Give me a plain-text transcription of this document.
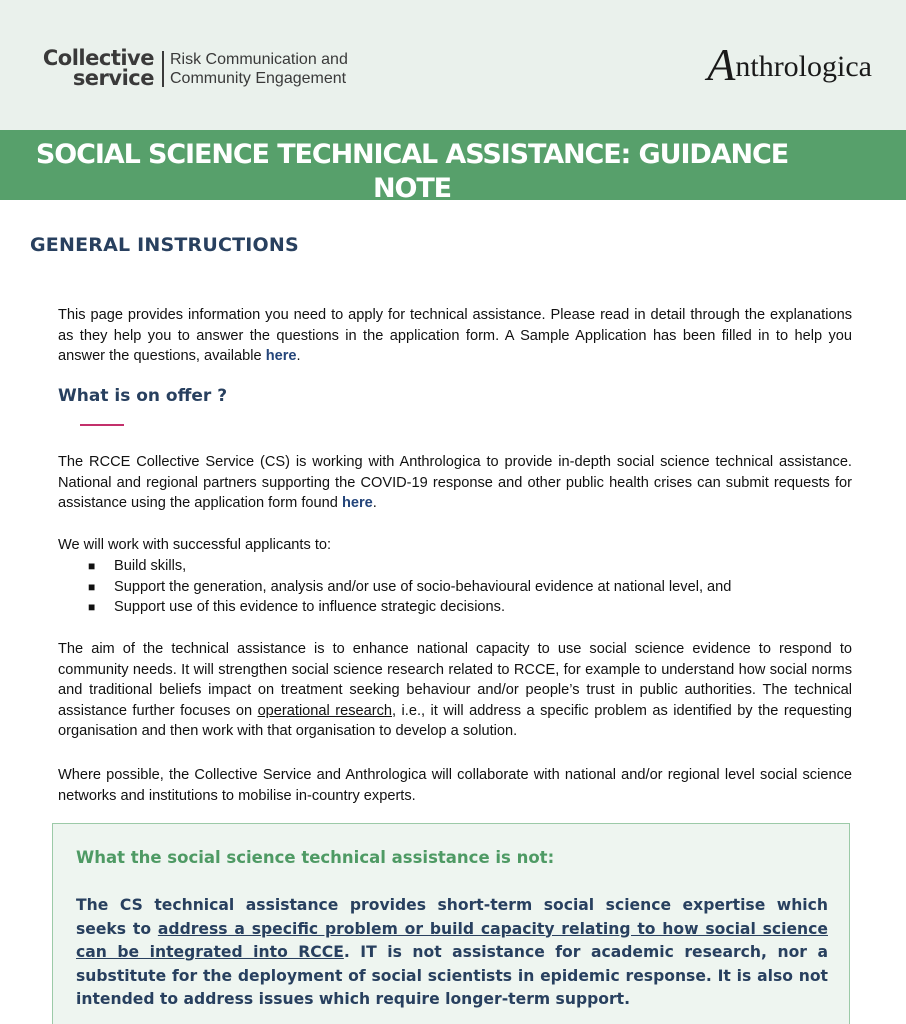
Collective
service
Risk Communication and
Community Engagement	Anthrologica
SOCIAL SCIENCE TECHNICAL ASSISTANCE: GUIDANCE NOTE
GENERAL INSTRUCTIONS
This page provides information you need to apply for technical assistance. Please read in detail through the explanations as they help you to answer the questions in the application form. A Sample Application has been filled in to help you answer the questions, available here.
What is on offer ?
The RCCE Collective Service (CS) is working with Anthrologica to provide in-depth social science technical assistance. National and regional partners supporting the COVID-19 response and other public health crises can submit requests for assistance using the application form found here.
We will work with successful applicants to:
■ Build skills,
■ Support the generation, analysis and/or use of socio-behavioural evidence at national level, and
■ Support use of this evidence to influence strategic decisions.
The aim of the technical assistance is to enhance national capacity to use social science evidence to respond to community needs. It will strengthen social science research related to RCCE, for example to understand how social norms and traditional beliefs impact on treatment seeking behaviour and/or people’s trust in public authorities. The technical assistance further focuses on operational research, i.e., it will address a specific problem as identified by the requesting organisation and then work with that organisation to develop a solution.
Where possible, the Collective Service and Anthrologica will collaborate with national and/or regional level social science networks and institutions to mobilise in-country experts.
What the social science technical assistance is not:
The CS technical assistance provides short-term social science expertise which seeks to address a specific problem or build capacity relating to how social science can be integrated into RCCE. IT is not assistance for academic research, nor a substitute for the deployment of social scientists in epidemic response. It is also not intended to address issues which require longer-term support.
